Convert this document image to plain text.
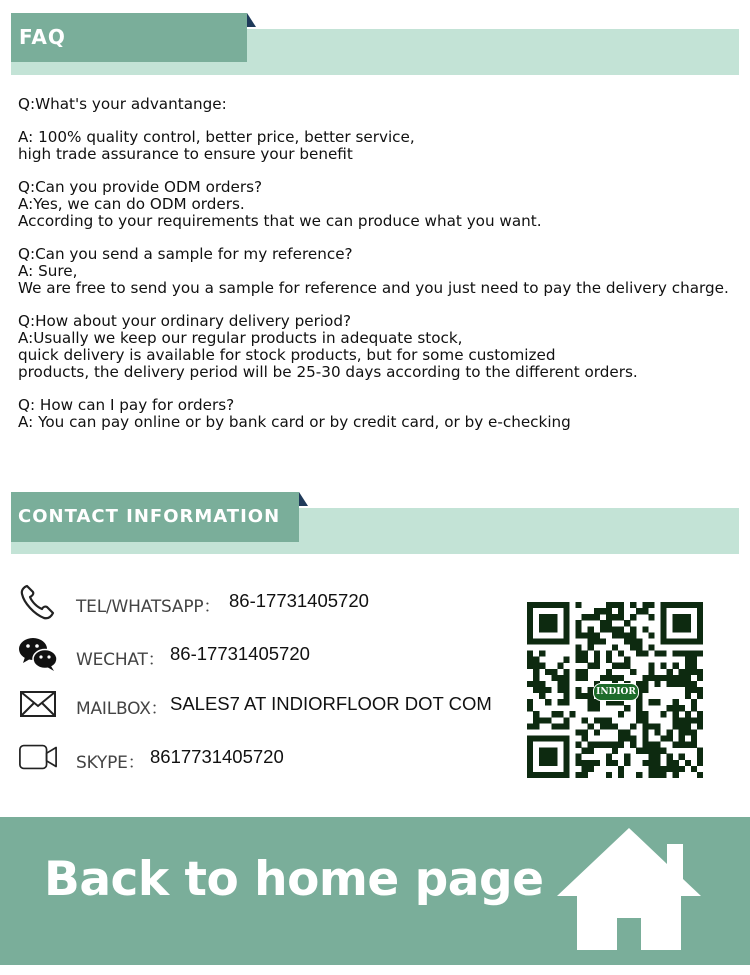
FAQ

Q:What's your advantange:

A: 100% quality control, better price, better service,

high trade assurance to ensure your benefit

Q:Can you provide ODM orders?

A:Yes, we can do ODM orders.

According to your requirements that we can produce what you want.

Q:Can you send a sample for my reference?

A: Sure,

We are free to send you a sample for reference and you just need to pay the delivery charge.

Q:How about your ordinary delivery period?

A:Usually we keep our regular products in adequate stock,

quick delivery is available for stock products, but for some customized

products, the delivery period will be 25-30 days according to the different orders.

Q: How can I pay for orders?

A: You can pay online or by bank card or by credit card, or by e-checking

CONTACT INFORMATION
TEL/WHATSAPP： 86-17731405720
WECHAT： 86-17731405720
MAILBOX： SALES7 AT INDIORFLOOR DOT COM
SKYPE： 8617731405720
INDIOR
Back to home page
